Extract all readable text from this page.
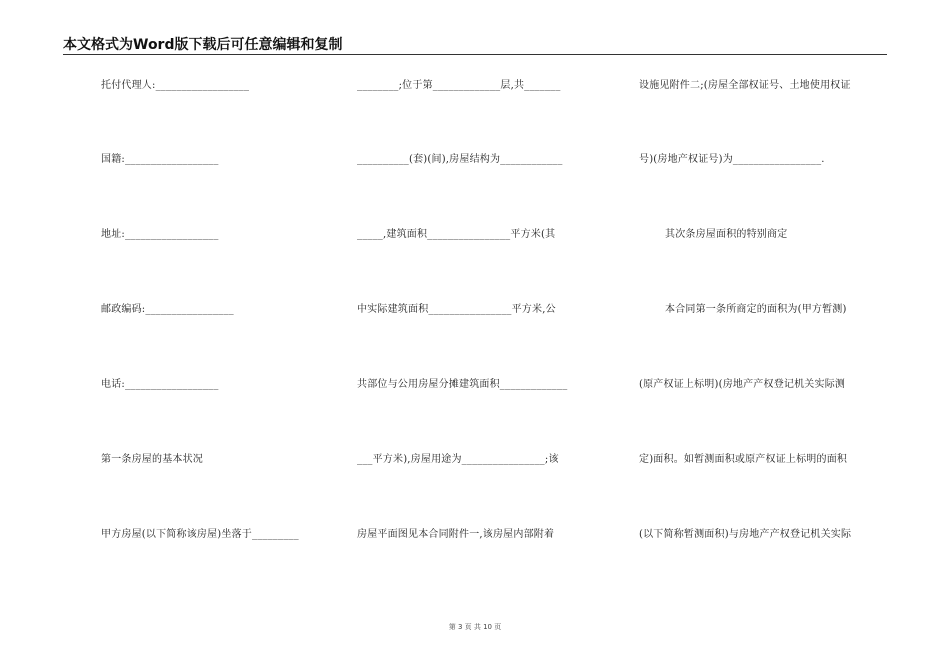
本文格式为Word版下载后可任意编辑和复制
托付代理人:__________________
国籍:__________________
地址:__________________
邮政编码:_________________
电话:__________________
第一条房屋的基本状况
甲方房屋(以下简称该房屋)坐落于_________
________;位于第_____________层,共_______
__________(套)(间),房屋结构为____________
_____,建筑面积________________平方米(其
中实际建筑面积________________平方米,公
共部位与公用房屋分摊建筑面积_____________
___平方米),房屋用途为________________;该
房屋平面图见本合同附件一,该房屋内部附着
设施见附件二;(房屋全部权证号、土地使用权证
号)(房地产权证号)为_________________.
其次条房屋面积的特别商定
本合同第一条所商定的面积为(甲方暂测)
(原产权证上标明)(房地产产权登记机关实际测
定)面积。如暂测面积或原产权证上标明的面积
(以下简称暂测面积)与房地产产权登记机关实际
第 3 页 共 10 页
